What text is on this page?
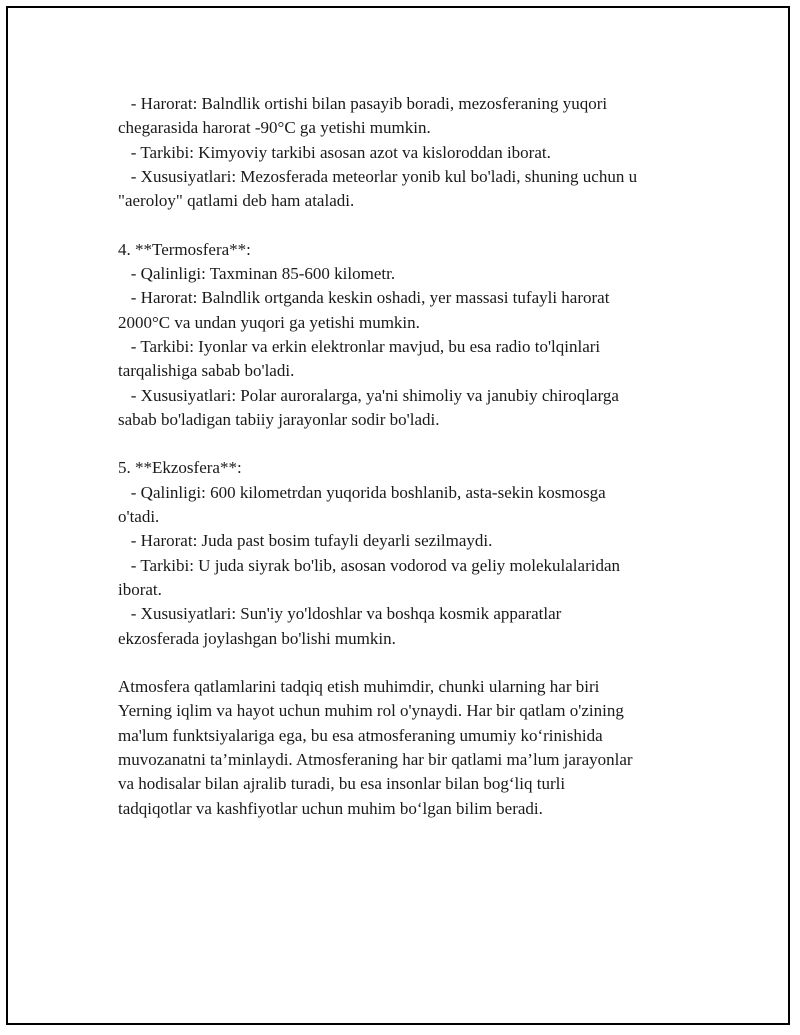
- Harorat: Balndlik ortishi bilan pasayib boradi, mezosferaning yuqori
chegarasida harorat -90°C ga yetishi mumkin.
- Tarkibi: Kimyoviy tarkibi asosan azot va kisloroddan iborat.
- Xususiyatlari: Mezosferada meteorlar yonib kul bo'ladi, shuning uchun u
"aeroloy" qatlami deb ham ataladi.
4. **Termosfera**:
- Qalinligi: Taxminan 85-600 kilometr.
- Harorat: Balndlik ortganda keskin oshadi, yer massasi tufayli harorat
2000°C va undan yuqori ga yetishi mumkin.
- Tarkibi: Iyonlar va erkin elektronlar mavjud, bu esa radio to'lqinlari
tarqalishiga sabab bo'ladi.
- Xususiyatlari: Polar auroralarga, ya'ni shimoliy va janubiy chiroqlarga
sabab bo'ladigan tabiiy jarayonlar sodir bo'ladi.
5. **Ekzosfera**:
- Qalinligi: 600 kilometrdan yuqorida boshlanib, asta-sekin kosmosga
o'tadi.
- Harorat: Juda past bosim tufayli deyarli sezilmaydi.
- Tarkibi: U juda siyrak bo'lib, asosan vodorod va geliy molekulalaridan
iborat.
- Xususiyatlari: Sun'iy yo'ldoshlar va boshqa kosmik apparatlar
ekzosferada joylashgan bo'lishi mumkin.
Atmosfera qatlamlarini tadqiq etish muhimdir, chunki ularning har biri
Yerning iqlim va hayot uchun muhim rol o'ynaydi. Har bir qatlam o'zining
ma'lum funktsiyalariga ega, bu esa atmosferaning umumiy ko‘rinishida
muvozanatni ta’minlaydi. Atmosferaning har bir qatlami ma’lum jarayonlar
va hodisalar bilan ajralib turadi, bu esa insonlar bilan bog‘liq turli
tadqiqotlar va kashfiyotlar uchun muhim bo‘lgan bilim beradi.
